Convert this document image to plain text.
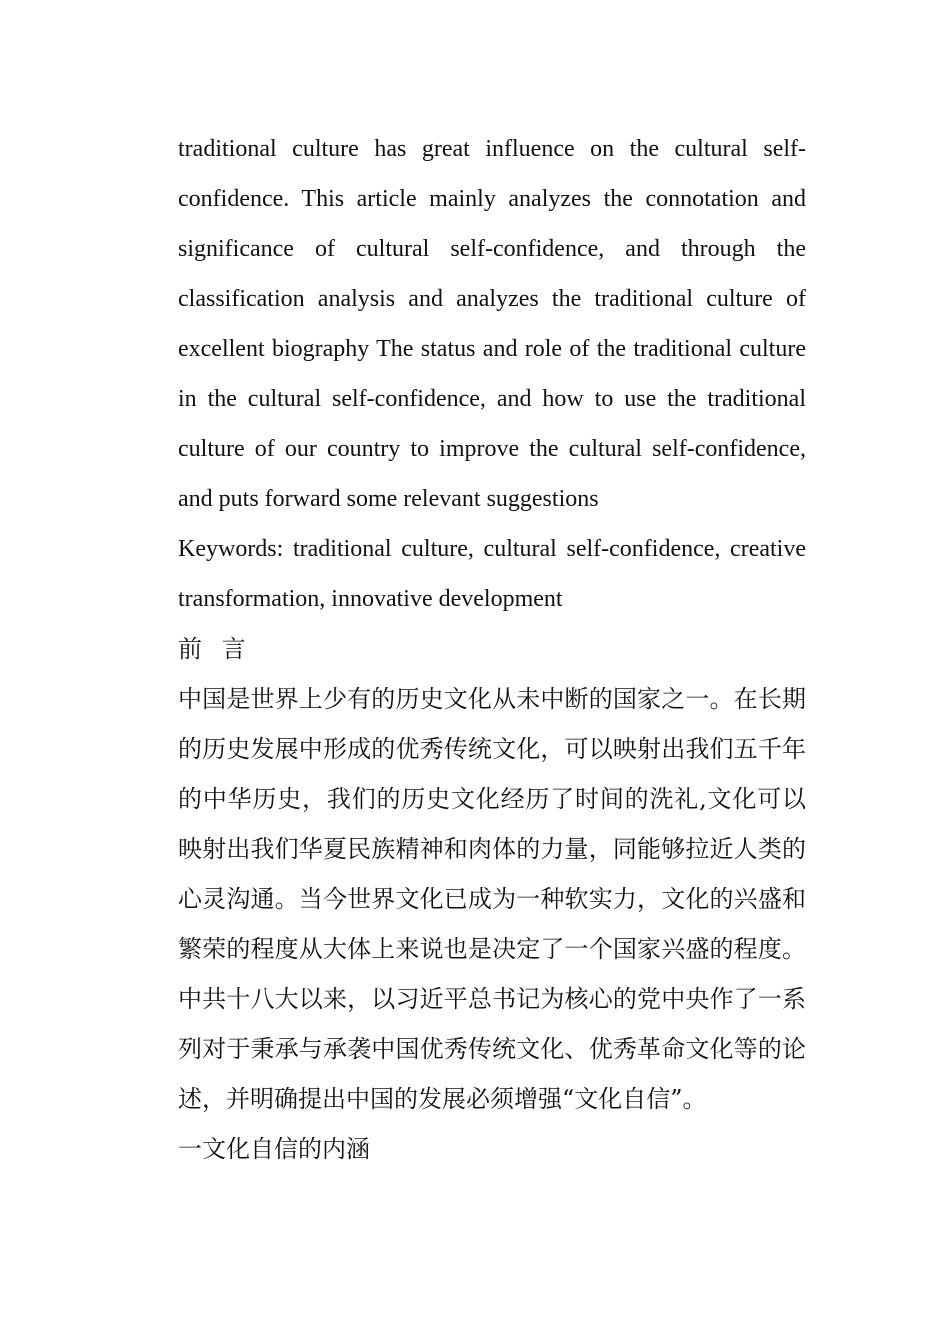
traditional culture has great influence on the cultural self-confidence. This article mainly analyzes the connotation and significance of cultural self-confidence, and through the classification analysis and analyzes the traditional culture of excellent biography The status and role of the traditional culture in the cultural self-confidence, and how to use the traditional culture of our country to improve the cultural self-confidence, and puts forward some relevant suggestions

Keywords: traditional culture, cultural self-confidence, creative transformation, innovative development

前 言

中国是世界上少有的历史文化从未中断的国家之一。在长期的历史发展中形成的优秀传统文化，可以映射出我们五千年的中华历史，我们的历史文化经历了时间的洗礼,文化可以映射出我们华夏民族精神和肉体的力量，同能够拉近人类的心灵沟通。当今世界文化已成为一种软实力，文化的兴盛和繁荣的程度从大体上来说也是决定了一个国家兴盛的程度。中共十八大以来，以习近平总书记为核心的党中央作了一系列对于秉承与承袭中国优秀传统文化、优秀革命文化等的论述，并明确提出中国的发展必须增强“文化自信”。

一文化自信的内涵
